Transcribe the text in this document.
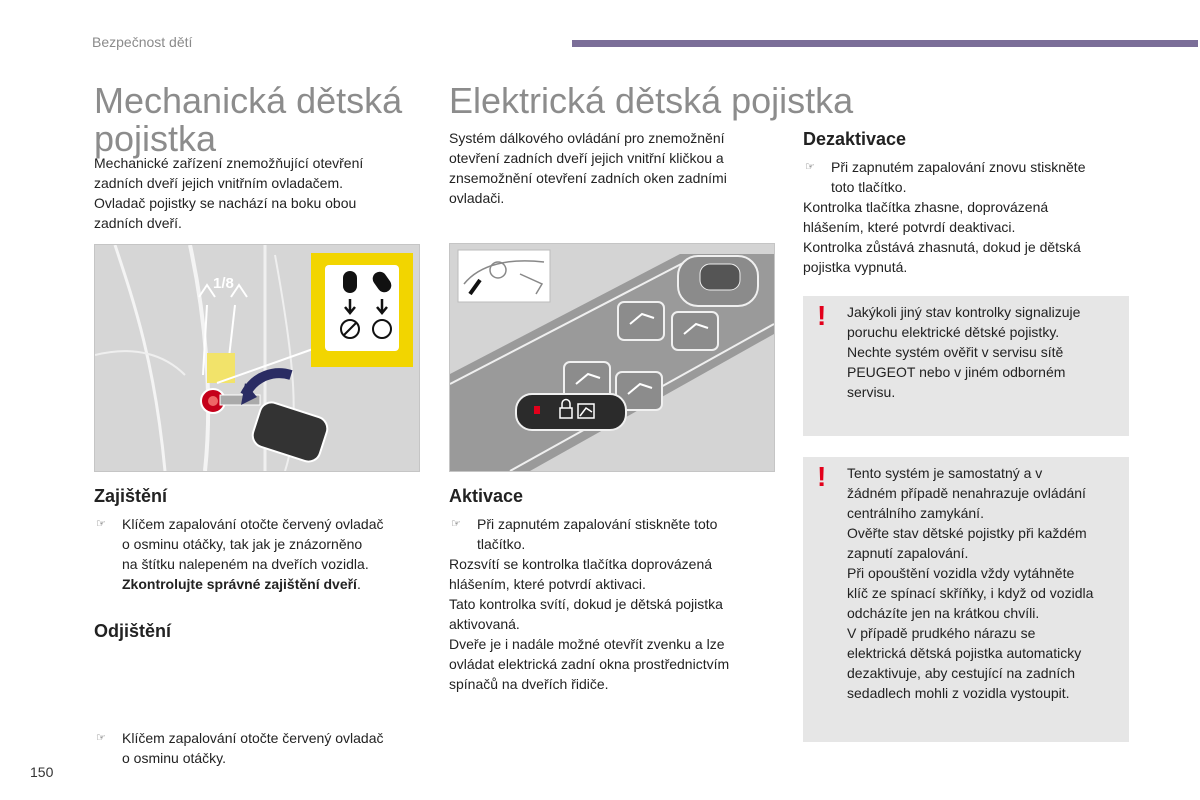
Bezpečnost dětí
Mechanická dětská
pojistka
Mechanické zařízení znemožňující otevření
zadních dveří jejich vnitřním ovladačem.
Ovladač pojistky se nachází na boku obou
zadních dveří.
1/8
Zajištění
☞ Klíčem zapalování otočte červený ovladač
o osminu otáčky, tak jak je znázorněno
na štítku nalepeném na dveřích vozidla.
Zkontrolujte správné zajištění dveří.
Odjištění
☞ Klíčem zapalování otočte červený ovladač
o osminu otáčky.
Elektrická dětská pojistka
Systém dálkového ovládání pro znemožnění
otevření zadních dveří jejich vnitřní kličkou a
znsemožnění otevření zadních oken zadními
ovladači.
Aktivace
☞ Při zapnutém zapalování stiskněte toto
tlačítko.
Rozsvítí se kontrolka tlačítka doprovázená
hlášením, které potvrdí aktivaci.
Tato kontrolka svítí, dokud je dětská pojistka
aktivovaná.
Dveře je i nadále možné otevřít zvenku a lze
ovládat elektrická zadní okna prostřednictvím
spínačů na dveřích řidiče.
Dezaktivace
☞ Při zapnutém zapalování znovu stiskněte
toto tlačítko.
Kontrolka tlačítka zhasne, doprovázená
hlášením, které potvrdí deaktivaci.
Kontrolka zůstává zhasnutá, dokud je dětská
pojistka vypnutá.
! Jakýkoli jiný stav kontrolky signalizuje
poruchu elektrické dětské pojistky.
Nechte systém ověřit v servisu sítě
PEUGEOT nebo v jiném odborném
servisu.
! Tento systém je samostatný a v
žádném případě nenahrazuje ovládání
centrálního zamykání.
Ověřte stav dětské pojistky při každém
zapnutí zapalování.
Při opouštění vozidla vždy vytáhněte
klíč ze spínací skříňky, i když od vozidla
odcházíte jen na krátkou chvíli.
V případě prudkého nárazu se
elektrická dětská pojistka automaticky
dezaktivuje, aby cestující na zadních
sedadlech mohli z vozidla vystoupit.
150
